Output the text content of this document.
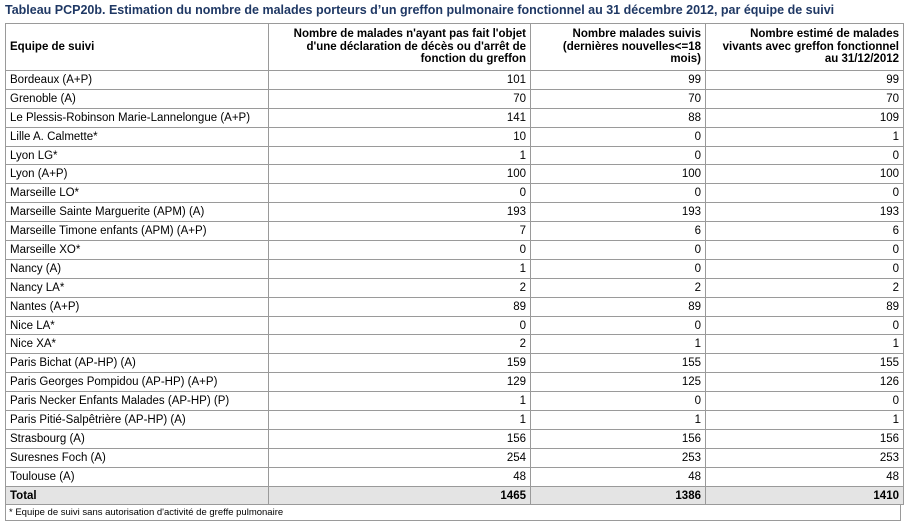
Tableau PCP20b. Estimation du nombre de malades porteurs d’un greffon pulmonaire fonctionnel au 31 décembre 2012, par équipe de suivi
Equipe de suivi	Nombre de malades n'ayant pas fait l'objet d'une déclaration de décès ou d'arrêt de fonction du greffon	Nombre malades suivis (dernières nouvelles<=18 mois)	Nombre estimé de malades vivants avec greffon fonctionnel au 31/12/2012
Bordeaux (A+P)	101	99	99
Grenoble (A)	70	70	70
Le Plessis-Robinson Marie-Lannelongue (A+P)	141	88	109
Lille A. Calmette*	10	0	1
Lyon LG*	1	0	0
Lyon (A+P)	100	100	100
Marseille LO*	0	0	0
Marseille Sainte Marguerite (APM) (A)	193	193	193
Marseille Timone enfants (APM) (A+P)	7	6	6
Marseille XO*	0	0	0
Nancy (A)	1	0	0
Nancy LA*	2	2	2
Nantes (A+P)	89	89	89
Nice LA*	0	0	0
Nice XA*	2	1	1
Paris Bichat (AP-HP) (A)	159	155	155
Paris Georges Pompidou (AP-HP) (A+P)	129	125	126
Paris Necker Enfants Malades (AP-HP) (P)	1	0	0
Paris Pitié-Salpêtrière (AP-HP) (A)	1	1	1
Strasbourg (A)	156	156	156
Suresnes Foch (A)	254	253	253
Toulouse (A)	48	48	48
Total	1465	1386	1410
* Equipe de suivi sans autorisation d'activité de greffe pulmonaire
